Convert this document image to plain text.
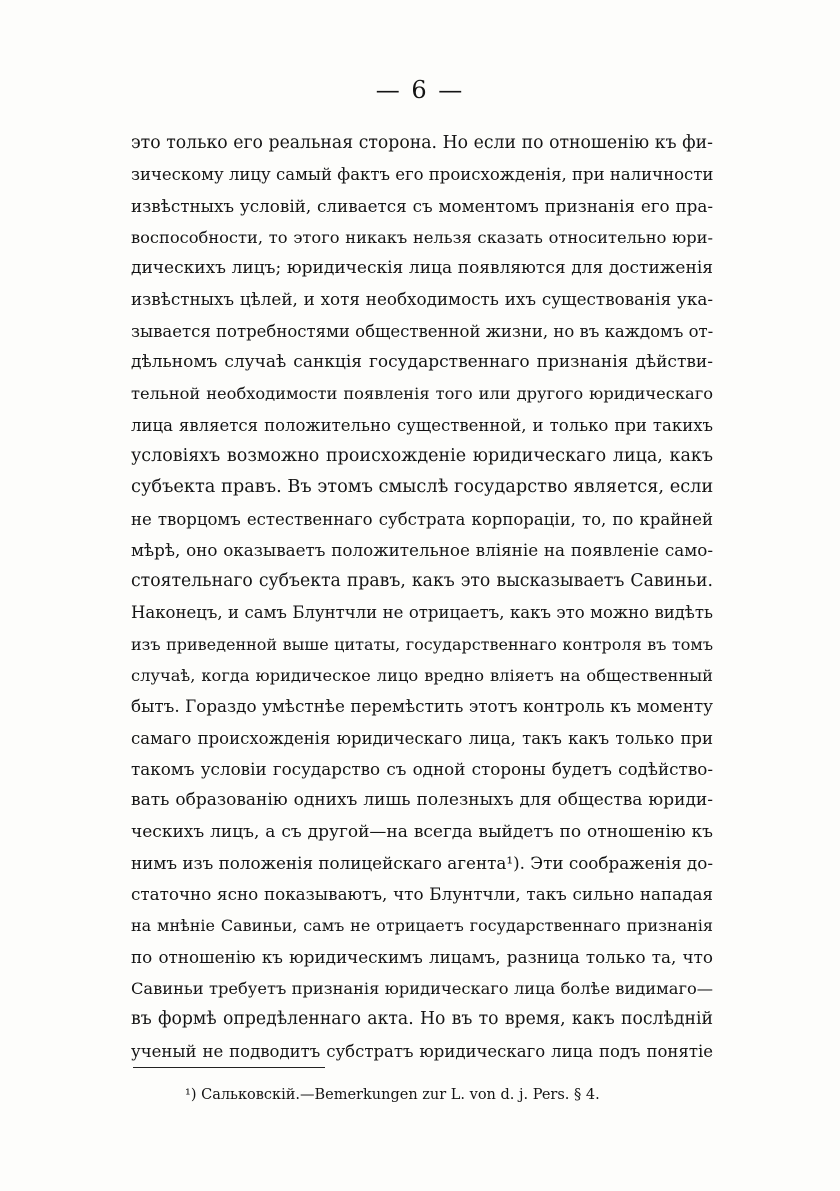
— 6 —
это только его реальная сторона. Но если по отношенію къ фи-
зическому лицу самый фактъ его происхожденія, при наличности
извѣстныхъ условій, сливается съ моментомъ признанія его пра-
воспособности, то этого никакъ нельзя сказать относительно юри-
дическихъ лицъ; юридическія лица появляются для достиженія
извѣстныхъ цѣлей, и хотя необходимость ихъ существованія ука-
зывается потребностями общественной жизни, но въ каждомъ от-
дѣльномъ случаѣ санкція государственнаго признанія дѣйстви-
тельной необходимости появленія того или другого юридическаго
лица является положительно существенной, и только при такихъ
условіяхъ возможно происхожденіе юридическаго лица, какъ
субъекта правъ. Въ этомъ смыслѣ государство является, если
не творцомъ естественнаго субстрата корпораціи, то, по крайней
мѣрѣ, оно оказываетъ положительное вліяніе на появленіе само-
стоятельнаго субъекта правъ, какъ это высказываетъ Савиньи.
Наконецъ, и самъ Блунтчли не отрицаетъ, какъ это можно видѣть
изъ приведенной выше цитаты, государственнаго контроля въ томъ
случаѣ, когда юридическое лицо вредно вліяетъ на общественный
бытъ. Гораздо умѣстнѣе перемѣстить этотъ контроль къ моменту
самаго происхожденія юридическаго лица, такъ какъ только при
такомъ условіи государство съ одной стороны будетъ содѣйство-
вать образованію однихъ лишь полезныхъ для общества юриди-
ческихъ лицъ, а съ другой—на всегда выйдетъ по отношенію къ
нимъ изъ положенія полицейскаго агента¹). Эти соображенія до-
статочно ясно показываютъ, что Блунтчли, такъ сильно нападая
на мнѣніе Савиньи, самъ не отрицаетъ государственнаго признанія
по отношенію къ юридическимъ лицамъ, разница только та, что
Савиньи требуетъ признанія юридическаго лица болѣе видимаго—
въ формѣ опредѣленнаго акта. Но въ то время, какъ послѣдній
ученый не подводитъ субстратъ юридическаго лица подъ понятіе
¹) Сальковскій.—Bemerkungen zur L. von d. j. Pers. § 4.
